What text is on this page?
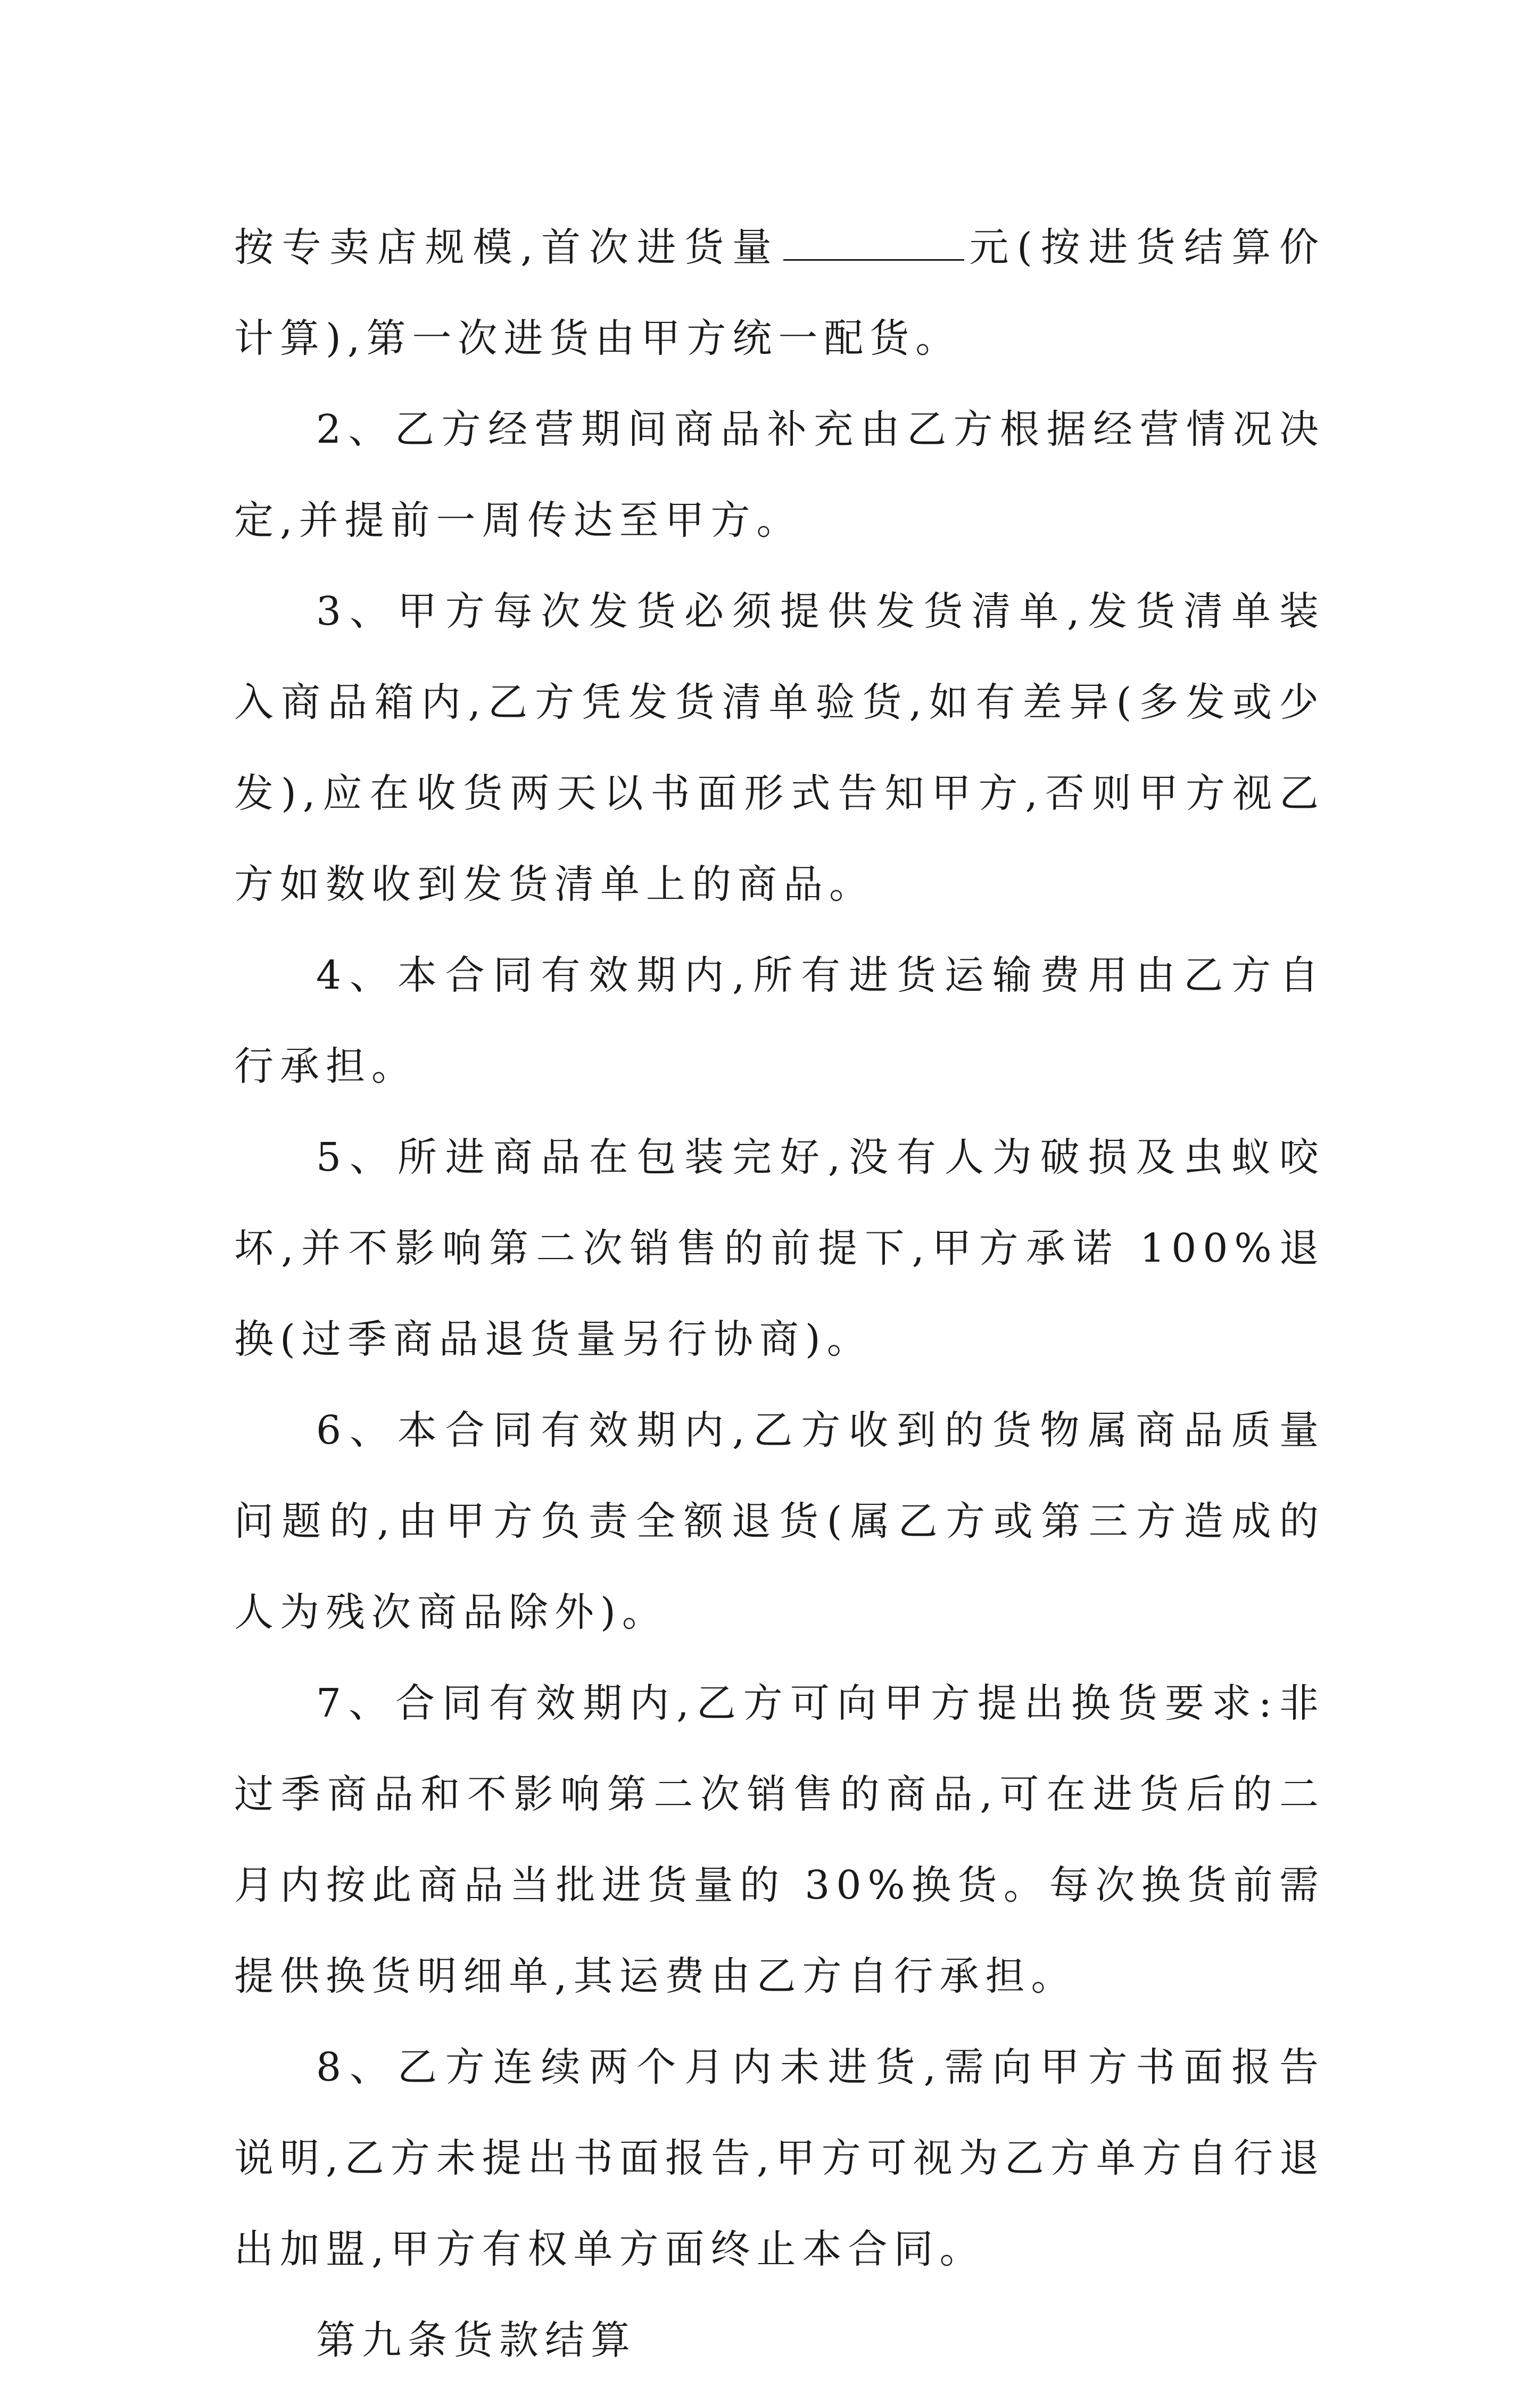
按专卖店规模,首次进货量	元(按进货结算价计算),第一次进货由甲方统一配货。

2、乙方经营期间商品补充由乙方根据经营情况决定,并提前一周传达至甲方。

3、甲方每次发货必须提供发货清单,发货清单装入商品箱内,乙方凭发货清单验货,如有差异(多发或少发),应在收货两天以书面形式告知甲方,否则甲方视乙方如数收到发货清单上的商品。

4、本合同有效期内,所有进货运输费用由乙方自行承担。

5、所进商品在包装完好,没有人为破损及虫蚁咬坏,并不影响第二次销售的前提下,甲方承诺 100%退换(过季商品退货量另行协商)。

6、本合同有效期内,乙方收到的货物属商品质量问题的,由甲方负责全额退货(属乙方或第三方造成的人为残次商品除外)。

7、合同有效期内,乙方可向甲方提出换货要求:非过季商品和不影响第二次销售的商品,可在进货后的二月内按此商品当批进货量的 30%换货。每次换货前需提供换货明细单,其运费由乙方自行承担。

8、乙方连续两个月内未进货,需向甲方书面报告说明,乙方未提出书面报告,甲方可视为乙方单方自行退出加盟,甲方有权单方面终止本合同。

第九条货款结算
